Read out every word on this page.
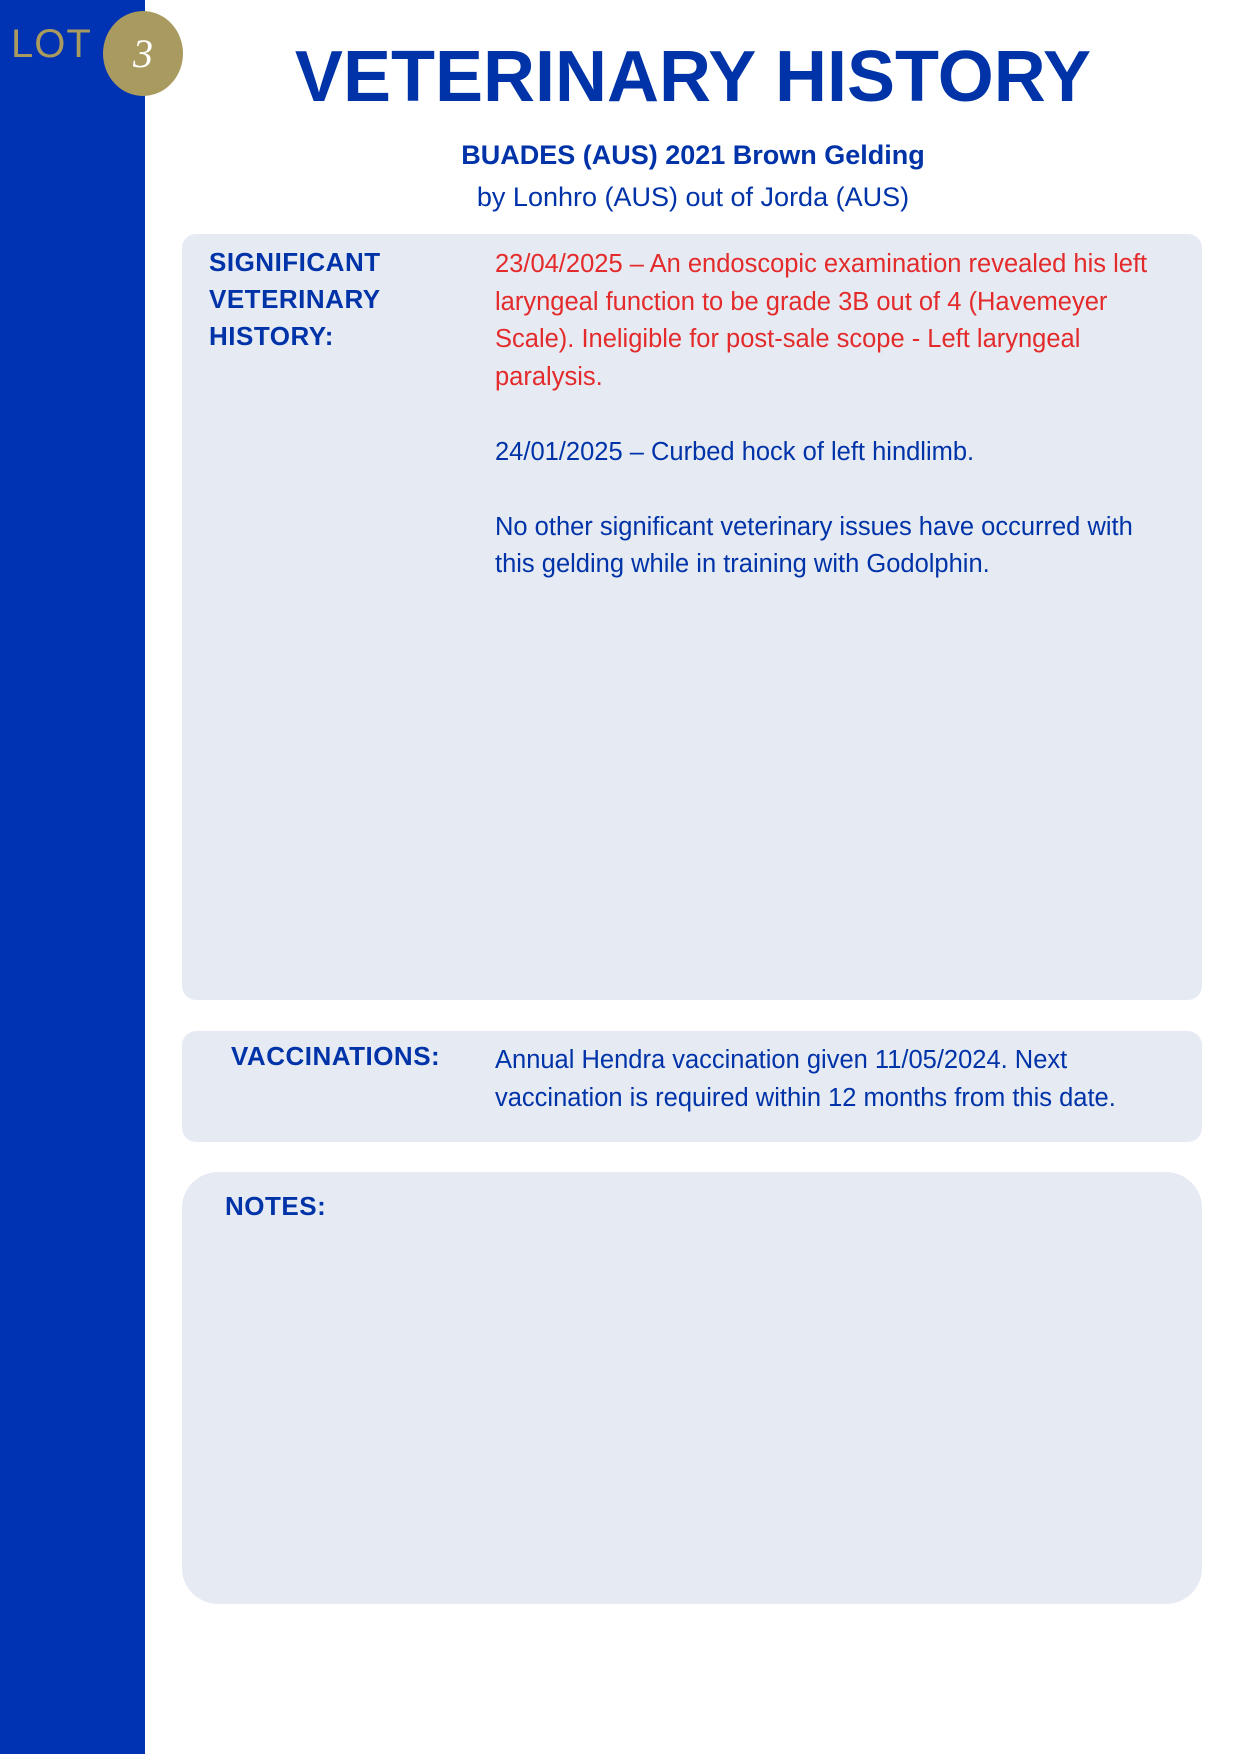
LOT	3	VETERINARY HISTORY
BUADES (AUS) 2021 Brown Gelding
by Lonhro (AUS) out of Jorda (AUS)
SIGNIFICANT VETERINARY HISTORY:

23/04/2025 – An endoscopic examination revealed his left laryngeal function to be grade 3B out of 4 (Havemeyer Scale). Ineligible for post-sale scope - Left laryngeal paralysis.

24/01/2025 – Curbed hock of left hindlimb.

No other significant veterinary issues have occurred with this gelding while in training with Godolphin.

VACCINATIONS: Annual Hendra vaccination given 11/05/2024. Next vaccination is required within 12 months from this date.

NOTES:
